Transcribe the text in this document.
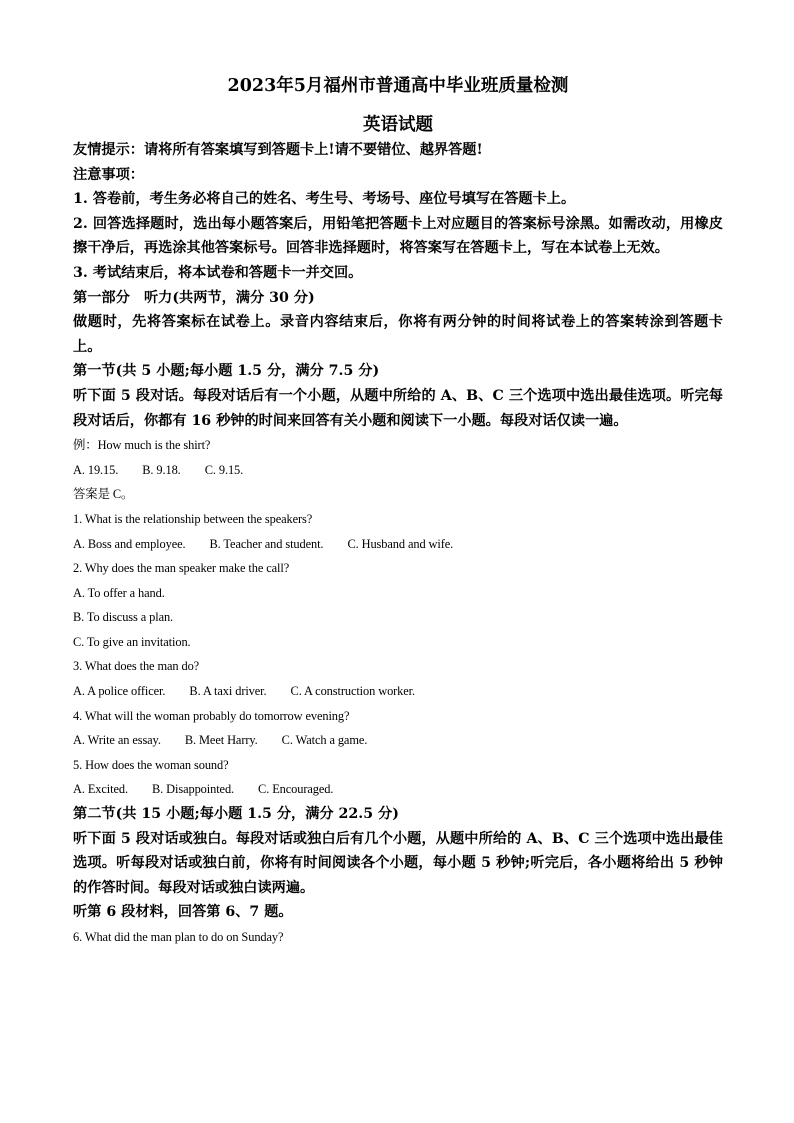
2023年5月福州市普通高中毕业班质量检测

英语试题

友情提示：请将所有答案填写到答题卡上!请不要错位、越界答题!

注意事项：

1. 答卷前，考生务必将自己的姓名、考生号、考场号、座位号填写在答题卡上。

2. 回答选择题时，选出每小题答案后，用铅笔把答题卡上对应题目的答案标号涂黑。如需改动，用橡皮擦干净后，再选涂其他答案标号。回答非选择题时，将答案写在答题卡上，写在本试卷上无效。

3. 考试结束后，将本试卷和答题卡一并交回。

第一部分　听力(共两节，满分 30 分)

做题时，先将答案标在试卷上。录音内容结束后，你将有两分钟的时间将试卷上的答案转涂到答题卡上。

第一节(共 5 小题;每小题 1.5 分，满分 7.5 分)

听下面 5 段对话。每段对话后有一个小题，从题中所给的 A、B、C 三个选项中选出最佳选项。听完每段对话后，你都有 16 秒钟的时间来回答有关小题和阅读下一小题。每段对话仅读一遍。

例：How much is the shirt?

A. 19.15. B. 9.18. C. 9.15.

答案是 C。

1. What is the relationship between the speakers?

A. Boss and employee. B. Teacher and student. C. Husband and wife.

2. Why does the man speaker make the call?

A. To offer a hand.

B. To discuss a plan.

C. To give an invitation.

3. What does the man do?

A. A police officer. B. A taxi driver. C. A construction worker.

4. What will the woman probably do tomorrow evening?

A. Write an essay. B. Meet Harry. C. Watch a game.

5. How does the woman sound?

A. Excited. B. Disappointed. C. Encouraged.

第二节(共 15 小题;每小题 1.5 分，满分 22.5 分)

听下面 5 段对话或独白。每段对话或独白后有几个小题，从题中所给的 A、B、C 三个选项中选出最佳选项。听每段对话或独白前，你将有时间阅读各个小题，每小题 5 秒钟;听完后，各小题将给出 5 秒钟的作答时间。每段对话或独白读两遍。

听第 6 段材料，回答第 6、7 题。

6. What did the man plan to do on Sunday?
